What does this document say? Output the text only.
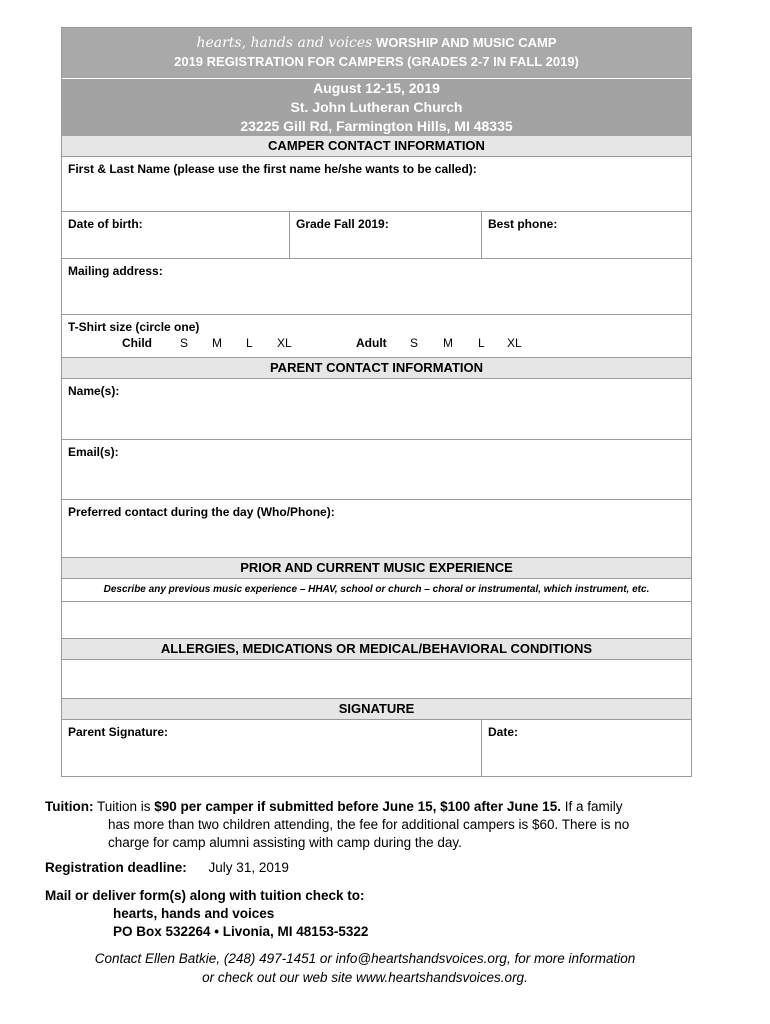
hearts, hands and voices WORSHIP AND MUSIC CAMP
2019 REGISTRATION FOR CAMPERS (GRADES 2-7 IN FALL 2019)
August 12-15, 2019
St. John Lutheran Church
23225 Gill Rd, Farmington Hills, MI 48335
CAMPER CONTACT INFORMATION
First & Last Name (please use the first name he/she wants to be called):
Date of birth:	Grade Fall 2019:	Best phone:
Mailing address:
T-Shirt size (circle one)
Child S M L XL	Adult S M L XL
PARENT CONTACT INFORMATION
Name(s):
Email(s):
Preferred contact during the day (Who/Phone):
PRIOR AND CURRENT MUSIC EXPERIENCE
Describe any previous music experience – HHAV, school or church – choral or instrumental, which instrument, etc.
ALLERGIES, MEDICATIONS OR MEDICAL/BEHAVIORAL CONDITIONS
SIGNATURE
Parent Signature:	Date:
Tuition: Tuition is $90 per camper if submitted before June 15, $100 after June 15. If a family
has more than two children attending, the fee for additional campers is $60. There is no
charge for camp alumni assisting with camp during the day.
Registration deadline: July 31, 2019
Mail or deliver form(s) along with tuition check to:
hearts, hands and voices
PO Box 532264 • Livonia, MI 48153-5322
Contact Ellen Batkie, (248) 497-1451 or info@heartshandsvoices.org, for more information
or check out our web site www.heartshandsvoices.org.
